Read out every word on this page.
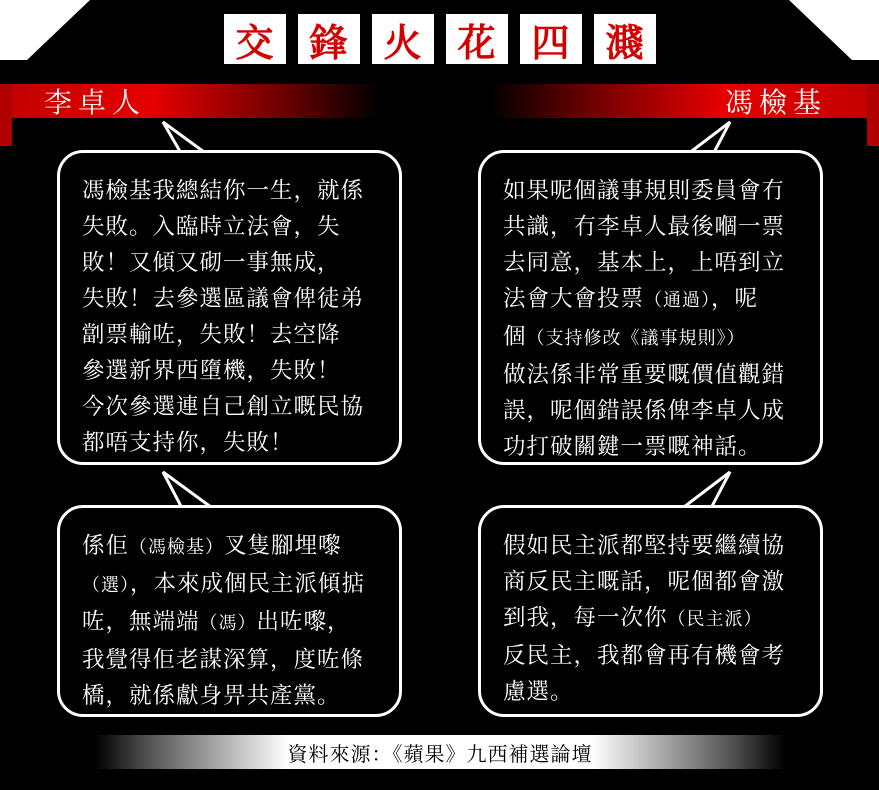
交 鋒 火 花 四 濺
李卓人	馮檢基
馮檢基我總結你一生，就係
失敗。入臨時立法會，失
敗！又傾又砌一事無成，
失敗！去參選區議會俾徒弟
劏票輸咗，失敗！去空降
參選新界西墮機，失敗！
今次參選連自己創立嘅民協
都唔支持你，失敗！
如果呢個議事規則委員會冇
共識，冇李卓人最後嗰一票
去同意，基本上，上唔到立
法會大會投票（通過），呢
個（支持修改《議事規則》）
做法係非常重要嘅價值觀錯
誤，呢個錯誤係俾李卓人成
功打破關鍵一票嘅神話。
係佢（馮檢基）叉隻腳埋嚟
（選），本來成個民主派傾掂
咗，無端端（馮）出咗嚟，
我覺得佢老謀深算，度咗條
橋，就係獻身畀共產黨。
假如民主派都堅持要繼續協
商反民主嘅話，呢個都會激
到我，每一次你（民主派）
反民主，我都會再有機會考
慮選。
資料來源：《蘋果》九西補選論壇
